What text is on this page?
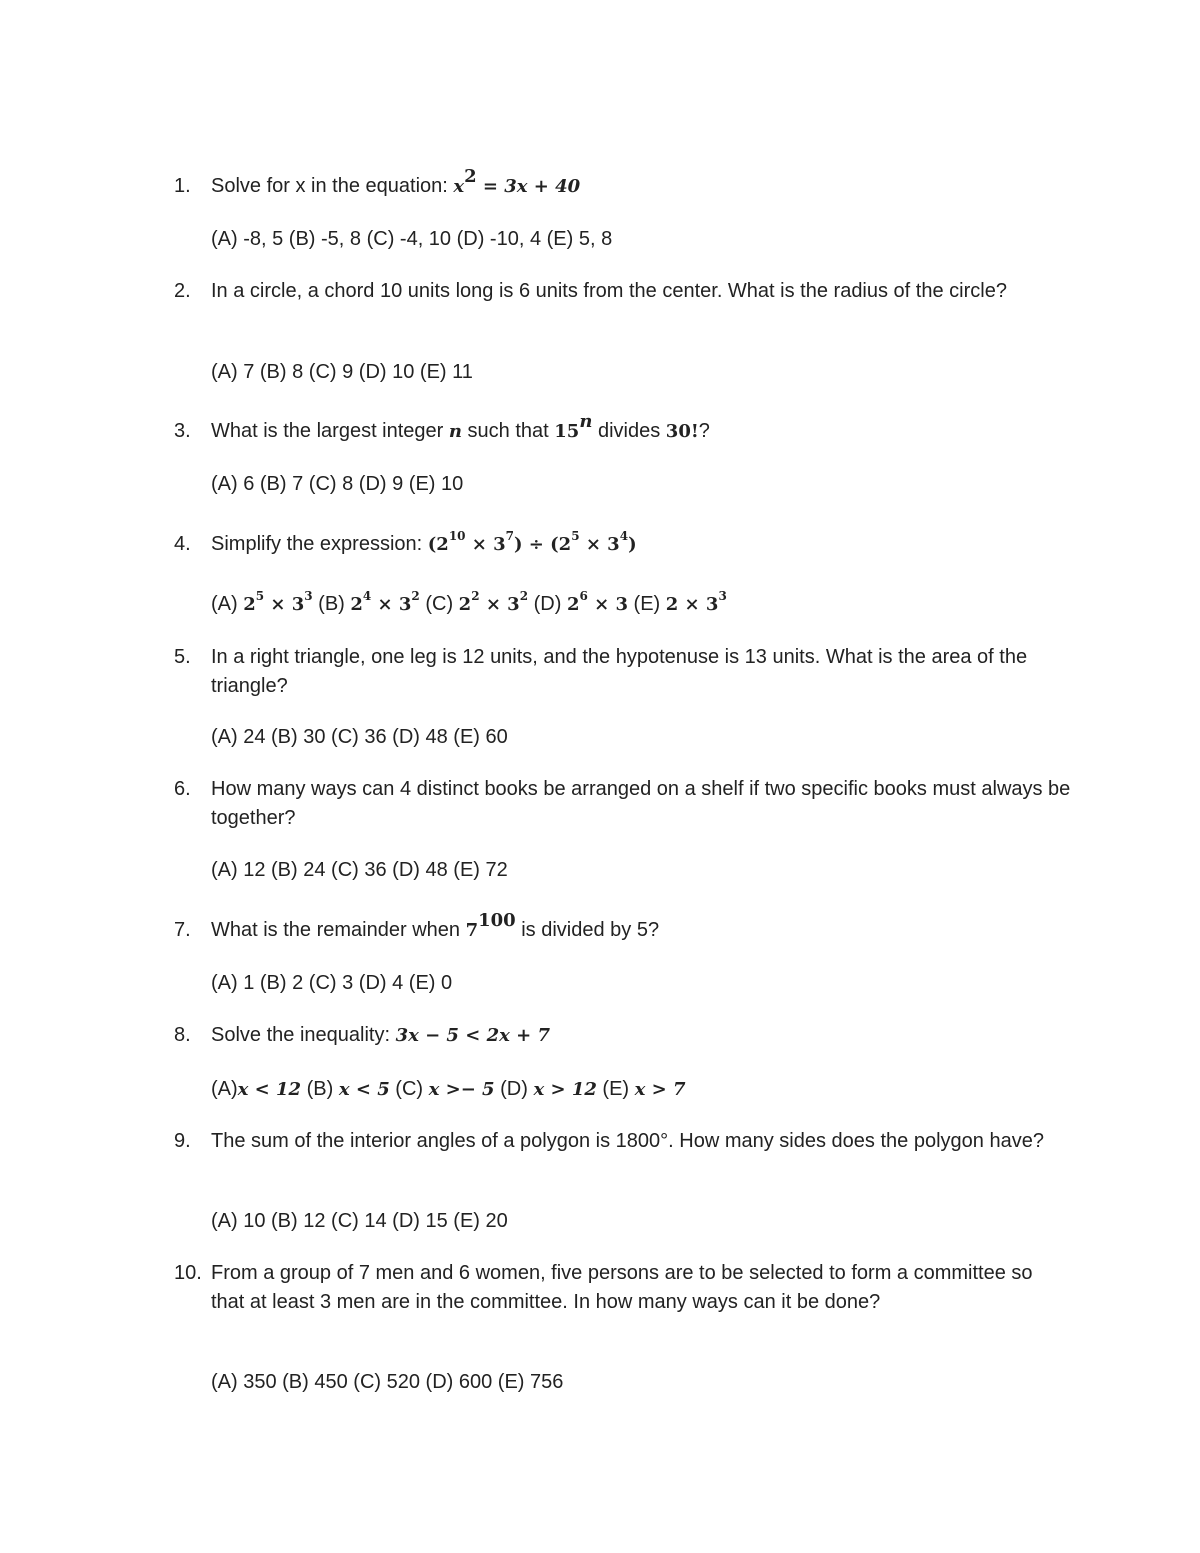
1. Solve for x in the equation: $x^2 = 3x + 40$
(A) -8, 5 (B) -5, 8 (C) -4, 10 (D) -10, 4 (E) 5, 8
2. In a circle, a chord 10 units long is 6 units from the center. What is the radius of the circle?
(A) 7 (B) 8 (C) 9 (D) 10 (E) 11
3. What is the largest integer n such that 15$^n$ divides 30!?
(A) 6 (B) 7 (C) 8 (D) 9 (E) 10
4. Simplify the expression: $(2^{10} \times 3^7) \div (2^5 \times 3^4)$
(A) $2^5 \times 3^3$ (B) $2^4 \times 3^2$ (C) $2^2 \times 3^2$ (D) $2^6 \times 3$ (E) $2 \times 3^3$
5. In a right triangle, one leg is 12 units, and the hypotenuse is 13 units. What is the area of the triangle?
(A) 24 (B) 30 (C) 36 (D) 48 (E) 60
6. How many ways can 4 distinct books be arranged on a shelf if two specific books must always be together?
(A) 12 (B) 24 (C) 36 (D) 48 (E) 72
7. What is the remainder when $7^{100}$ is divided by 5?
(A) 1 (B) 2 (C) 3 (D) 4 (E) 0
8. Solve the inequality: 3x − 5 < 2x + 7
(A)x < 12 (B) x < 5 (C) x >− 5 (D) x > 12 (E) x > 7
9. The sum of the interior angles of a polygon is 1800°. How many sides does the polygon have?
(A) 10 (B) 12 (C) 14 (D) 15 (E) 20
10. From a group of 7 men and 6 women, five persons are to be selected to form a committee so that at least 3 men are in the committee. In how many ways can it be done?
(A) 350 (B) 450 (C) 520 (D) 600 (E) 756
